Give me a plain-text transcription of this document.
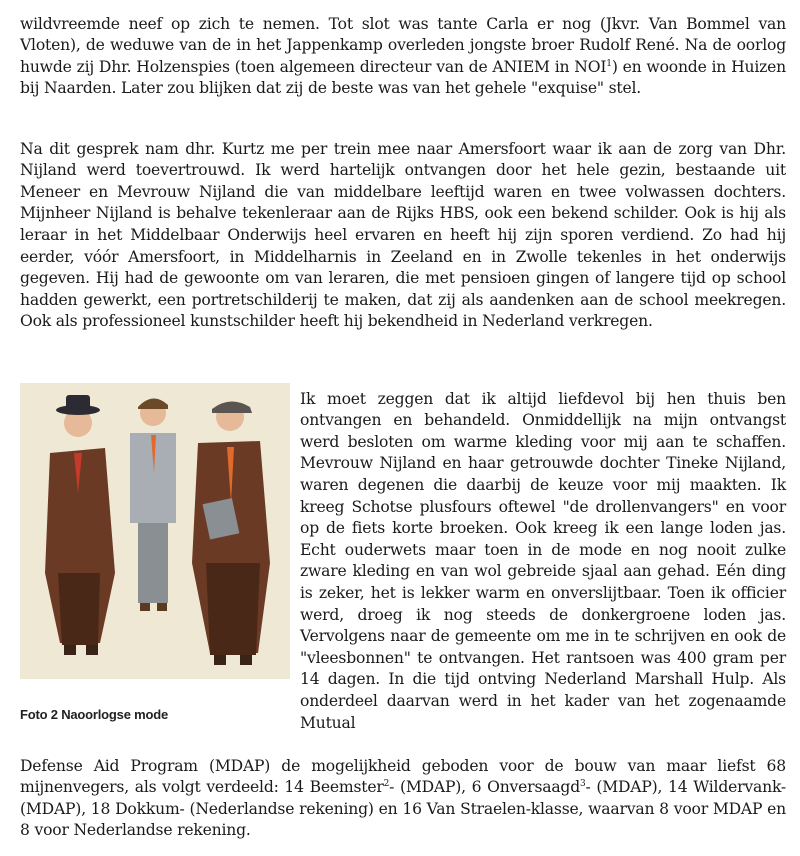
wildvreemde neef op zich te nemen. Tot slot was tante Carla er nog (Jkvr. Van Bommel van Vloten), de weduwe van de in het Jappenkamp overleden jongste broer Rudolf René. Na de oorlog huwde zij Dhr. Holzenspies (toen algemeen directeur van de ANIEM in NOI$^1$) en woonde in Huizen bij Naarden. Later zou blijken dat zij de beste was van het gehele "exquise" stel.

Na dit gesprek nam dhr. Kurtz me per trein mee naar Amersfoort waar ik aan de zorg van Dhr. Nijland werd toevertrouwd. Ik werd hartelijk ontvangen door het hele gezin, bestaande uit Meneer en Mevrouw Nijland die van middelbare leeftijd waren en twee volwassen dochters. Mijnheer Nijland is behalve tekenleraar aan de Rijks HBS, ook een bekend schilder. Ook is hij als leraar in het Middelbaar Onderwijs heel ervaren en heeft hij zijn sporen verdiend. Zo had hij eerder, vóór Amersfoort, in Middelharnis in Zeeland en in Zwolle tekenles in het onderwijs gegeven. Hij had de gewoonte om van leraren, die met pensioen gingen of langere tijd op school hadden gewerkt, een portretschilderij te maken, dat zij als aandenken aan de school meekregen. Ook als professioneel kunstschilder heeft hij bekendheid in Nederland verkregen.

Foto 2 Naoorlogse mode

Ik moet zeggen dat ik altijd liefdevol bij hen thuis ben ontvangen en behandeld. Onmiddellijk na mijn ontvangst werd besloten om warme kleding voor mij aan te schaffen. Mevrouw Nijland en haar getrouwde dochter Tineke Nijland, waren degenen die daarbij de keuze voor mij maakten. Ik kreeg Schotse plusfours oftewel "de drollenvangers" en voor op de fiets korte broeken. Ook kreeg ik een lange loden jas. Echt ouderwets maar toen in de mode en nog nooit zulke zware kleding en van wol gebreide sjaal aan gehad. Eén ding is zeker, het is lekker warm en onverslijtbaar. Toen ik officier werd, droeg ik nog steeds de donkergroene loden jas. Vervolgens naar de gemeente om me in te schrijven en ook de "vleesbonnen" te ontvangen. Het rantsoen was 400 gram per 14 dagen. In die tijd ontving Nederland Marshall Hulp. Als onderdeel daarvan werd in het kader van het zogenaamde Mutual

Defense Aid Program (MDAP) de mogelijkheid geboden voor de bouw van maar liefst 68 mijnenvegers, als volgt verdeeld: 14 Beemster$^2$- (MDAP), 6 Onversaagd$^3$- (MDAP), 14 Wildervank- (MDAP), 18 Dokkum- (Nederlandse rekening) en 16 Van Straelen-klasse, waarvan 8 voor MDAP en 8 voor Nederlandse rekening.
